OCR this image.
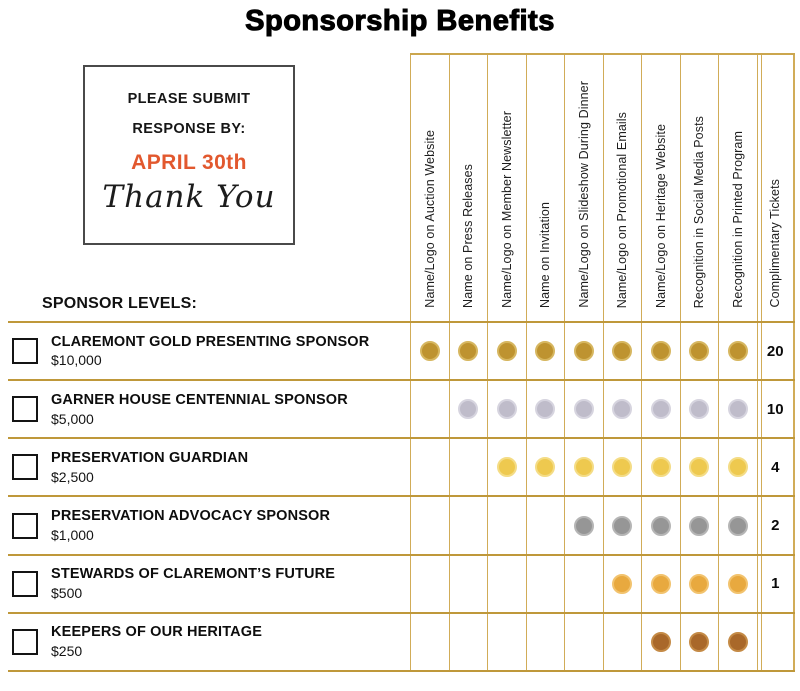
Sponsorship Benefits
PLEASE SUBMIT
RESPONSE BY:
APRIL 30th
Thank You
SPONSOR LEVELS:	Name/Logo on Auction Website Name on Press Releases Name/Logo on Member Newsletter Name on Invitation Name/Logo on Slideshow During Dinner Name/Logo on Promotional Emails Name/Logo on Heritage Website Recognition in Social Media Posts Recognition in Printed Program Complimentary Tickets
CLAREMONT GOLD PRESENTING SPONSOR
$10,000
20
GARNER HOUSE CENTENNIAL SPONSOR
$5,000
10
PRESERVATION GUARDIAN
$2,500
4
PRESERVATION ADVOCACY SPONSOR
$1,000
2
STEWARDS OF CLAREMONT’S FUTURE
$500
1
KEEPERS OF OUR HERITAGE
$250
